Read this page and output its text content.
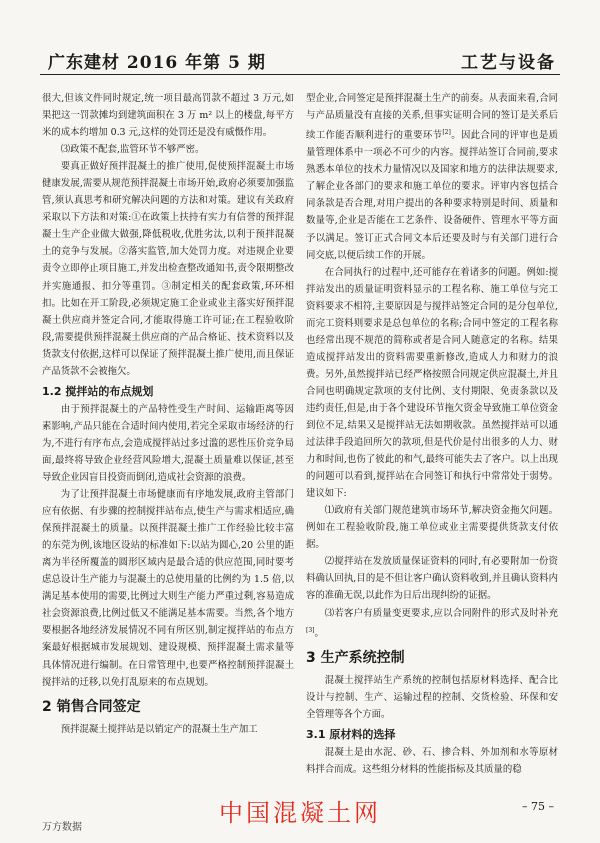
广东建材 2016 年第 5 期	工艺与设备

很大,但该文件同时规定,统一项目最高罚款不超过 3 万元,如果把这一罚款摊均到建筑面积在 3 万 m² 以上的楼盘,每平方米的成本约增加 0.3 元,这样的处罚还是没有威慑作用。

⑶政策不配套,监管环节不够严密。

要真正做好预拌混凝土的推广使用,促使预拌混凝土市场健康发展,需要从规范预拌混凝土市场开始,政府必须要加强监管,须认真思考和研究解决问题的方法和对策。建议有关政府采取以下方法和对策:①在政策上扶持有实力有信誉的预拌混凝土生产企业做大做强,降低税收,优胜劣汰,以利于预拌混凝土的竞争与发展。②落实监管,加大处罚力度。对违规企业要责令立即停止项目施工,并发出检查整改通知书,责令限期整改并实施通报、扣分等重罚。③制定相关的配套政策,环环相扣。比如在开工阶段,必须规定施工企业或业主落实好预拌混凝土供应商并签定合同,才能取得施工许可证;在工程验收阶段,需要提供预拌混凝土供应商的产品合格证、技术资料以及货款支付依据,这样可以保证了预拌混凝土推广使用,而且保证产品货款不会被拖欠。

1.2 搅拌站的布点规划

由于预拌混凝土的产品特性受生产时间、运输距离等因素影响,产品只能在合适时间内使用,若完全采取市场经济的行为,不进行有序布点,会造成搅拌站过多过滥的恶性压价竞争局面,最终将导致企业经营风险增大,混凝土质量难以保证,甚至导致企业因盲目投资而倒闭,造成社会资源的浪费。

为了让预拌混凝土市场健康而有序地发展,政府主管部门应有依据、有步骤的控制搅拌站布点,使生产与需求相适应,确保预拌混凝土的质量。以预拌混凝土推广工作经验比较丰富的东莞为例,该地区设站的标准如下:以站为圆心,20 公里的距离为半径所覆盖的圆形区域内是最合适的供应范围,同时要考虑总设计生产能力与混凝土的总使用量的比例约为 1.5 倍,以满足基本使用的需要,比例过大则生产能力严重过剩,容易造成社会资源浪费,比例过低又不能满足基本需要。当然,各个地方要根据各地经济发展情况不同有所区别,制定搅拌站的布点方案最好根据城市发展规划、建设规模、预拌混凝土需求量等具体情况进行编制。在日常管理中,也要严格控制预拌混凝土搅拌站的迁移,以免打乱原来的布点规划。

2 销售合同签定

预拌混凝土搅拌站是以销定产的混凝土生产加工

型企业,合同签定是预拌混凝土生产的前奏。从表面来看,合同与产品质量没有直接的关系,但事实证明合同的签订是关系后续工作能否顺利进行的重要环节[2]。因此合同的评审也是质量管理体系中一项必不可少的内容。搅拌站签订合同前,要求熟悉本单位的技术力量情况以及国家和地方的法律法规要求,了解企业各部门的要求和施工单位的要求。评审内容包括合同条款是否合理,对用户提出的各种要求特别是时间、质量和数量等,企业是否能在工艺条件、设备硬件、管理水平等方面予以满足。签订正式合同文本后还要及时与有关部门进行合同交底,以便后续工作的开展。

在合同执行的过程中,还可能存在着诸多的问题。例如:搅拌站发出的质量证明资料显示的工程名称、施工单位与完工资料要求不相符,主要原因是与搅拌站签定合同的是分包单位,而完工资料则要求是总包单位的名称;合同中签定的工程名称也经常出现不规范的简称或者是合同人随意定的名称。结果造成搅拌站发出的资料需要重新修改,造成人力和财力的浪费。另外,虽然搅拌站已经严格按照合同规定供应混凝土,并且合同也明确规定款项的支付比例、支付期限、免责条款以及违约责任,但是,由于各个建设环节拖欠资金导致施工单位资金到位不足,结果又是搅拌站无法如期收款。虽然搅拌站可以通过法律手段追回所欠的款项,但是代价是付出很多的人力、财力和时间,也伤了彼此的和气,最终可能失去了客户。以上出现的问题可以看到,搅拌站在合同签订和执行中常常处于弱势。建议如下:

⑴政府有关部门规范建筑市场环节,解决资金拖欠问题。例如在工程验收阶段,施工单位或业主需要提供货款支付依据。

⑵搅拌站在发放质量保证资料的同时,有必要附加一份资料确认回执,目的是不但让客户确认资料收到,并且确认资料内容的准确无误,以此作为日后出现纠纷的证据。

⑶若客户有质量变更要求,应以合同附件的形式及时补充[3]。

3 生产系统控制

混凝土搅拌站生产系统的控制包括原材料选择、配合比设计与控制、生产、运输过程的控制、交货检验、环保和安全管理等各个方面。

3.1 原材料的选择

混凝土是由水泥、砂、石、掺合料、外加剂和水等原材料拌合而成。这些组分材料的性能指标及其质量的稳

中国混凝土网	– 75 –
万方数据
